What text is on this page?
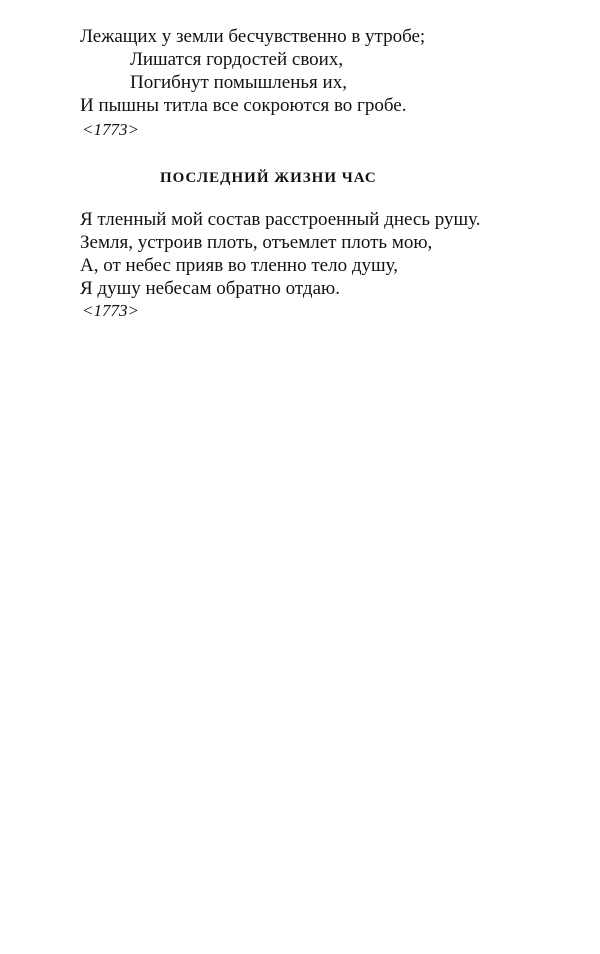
Лежащих у земли бесчувственно в утробе;
Лишатся гордостей своих,
Погибнут помышленья их,
И пышны титла все сокроются во гробе.
<1773>
ПОСЛЕДНИЙ ЖИЗНИ ЧАС
Я тленный мой состав расстроенный днесь рушу.
Земля, устроив плоть, отъемлет плоть мою,
А, от небес прияв во тленно тело душу,
Я душу небесам обратно отдаю.
<1773>
